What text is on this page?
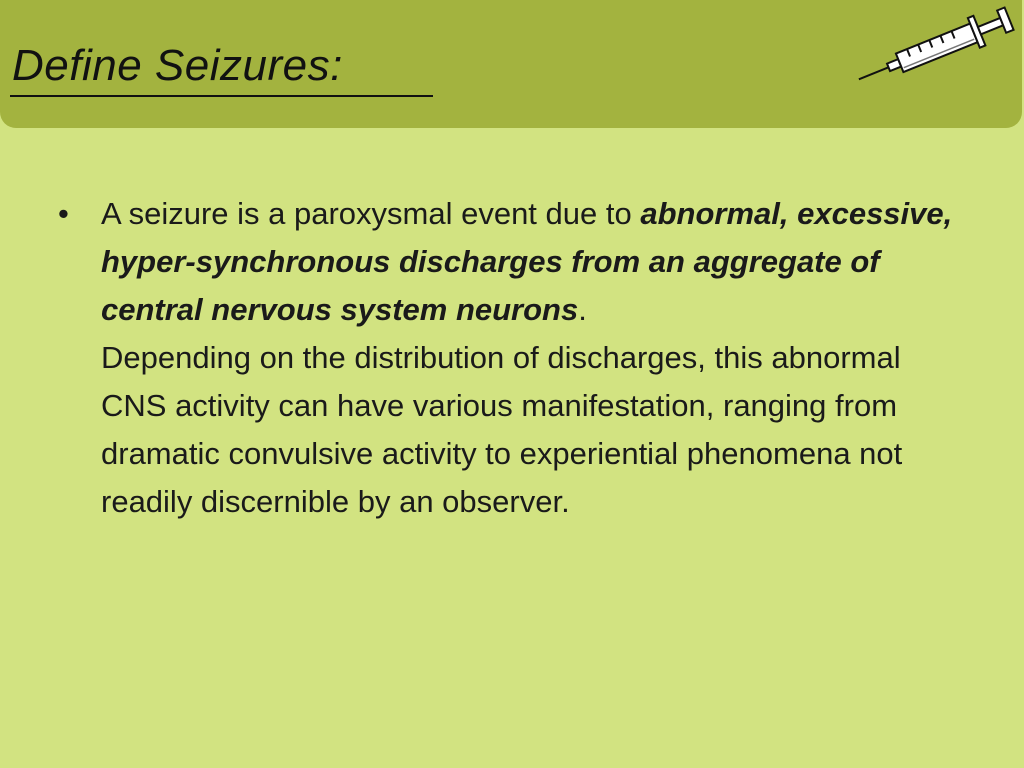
Define Seizures:
• A seizure is a paroxysmal event due to abnormal, excessive, hyper-synchronous discharges from an aggregate of central nervous system neurons.
Depending on the distribution of discharges, this abnormal CNS activity can have various manifestation, ranging from dramatic convulsive activity to experiential phenomena not readily discernible by an observer.
